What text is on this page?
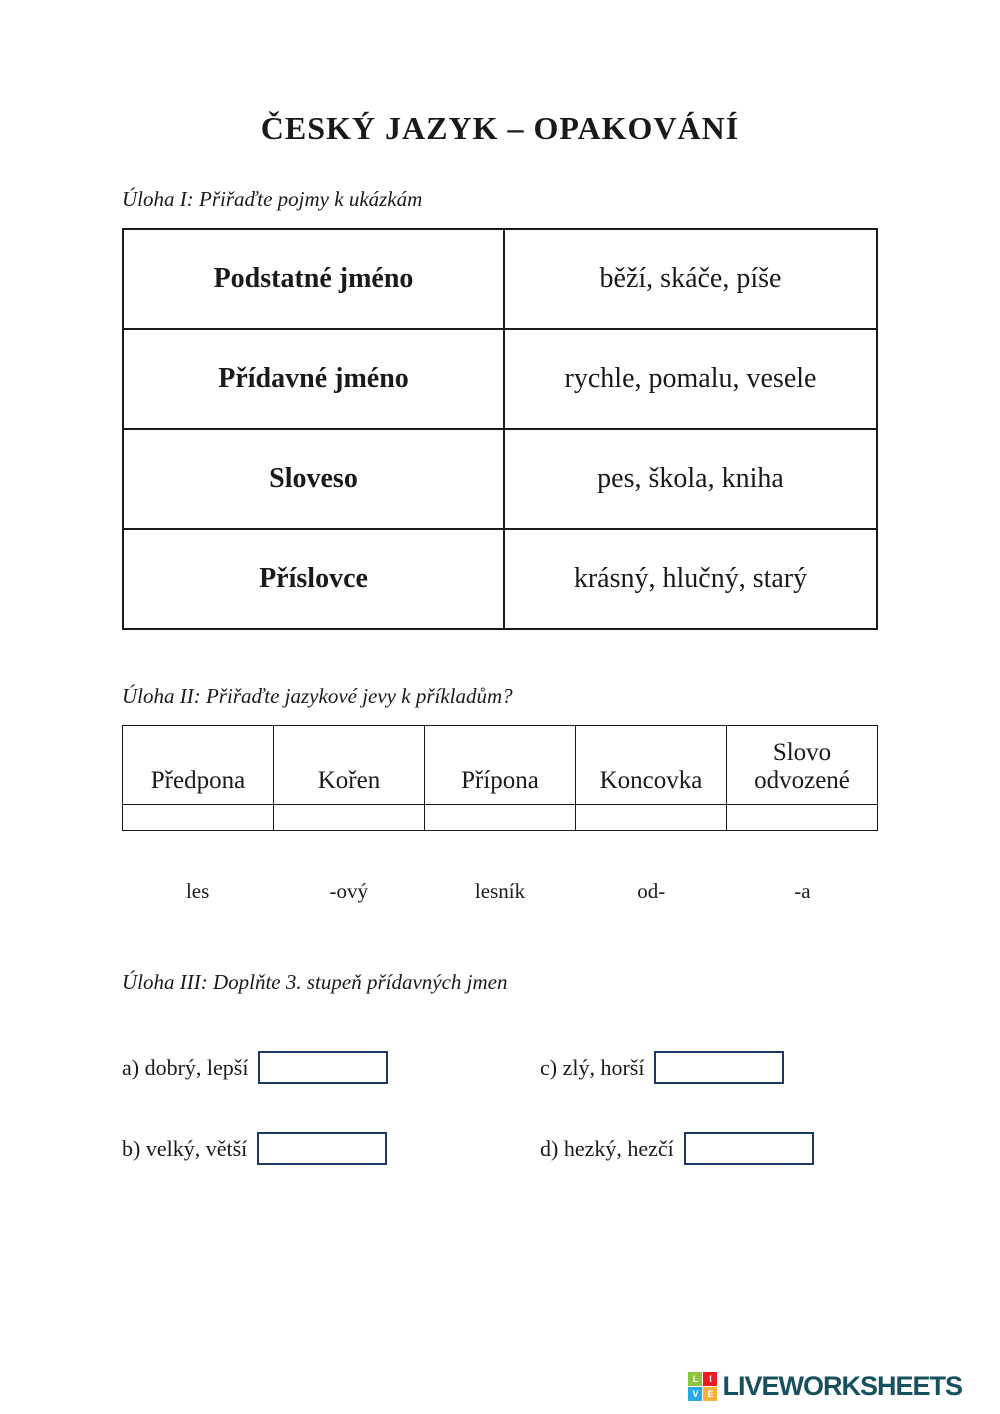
ČESKÝ JAZYK – OPAKOVÁNÍ
Úloha I: Přiřaďte pojmy k ukázkám
Podstatné jméno	běží, skáče, píše
Přídavné jméno	rychle, pomalu, vesele
Sloveso	pes, škola, kniha
Příslovce	krásný, hlučný, starý
Úloha II: Přiřaďte jazykové jevy k příkladům?
Předpona	Kořen	Přípona	Koncovka	Slovo odvozené

les	-ový	lesník	od-	-a
Úloha III: Doplňte 3. stupeň přídavných jmen
a) dobrý, lepší	c) zlý, horší
b) velký, větší	d) hezký, hezčí
L	I
V E LIVEWORKSHEETS
